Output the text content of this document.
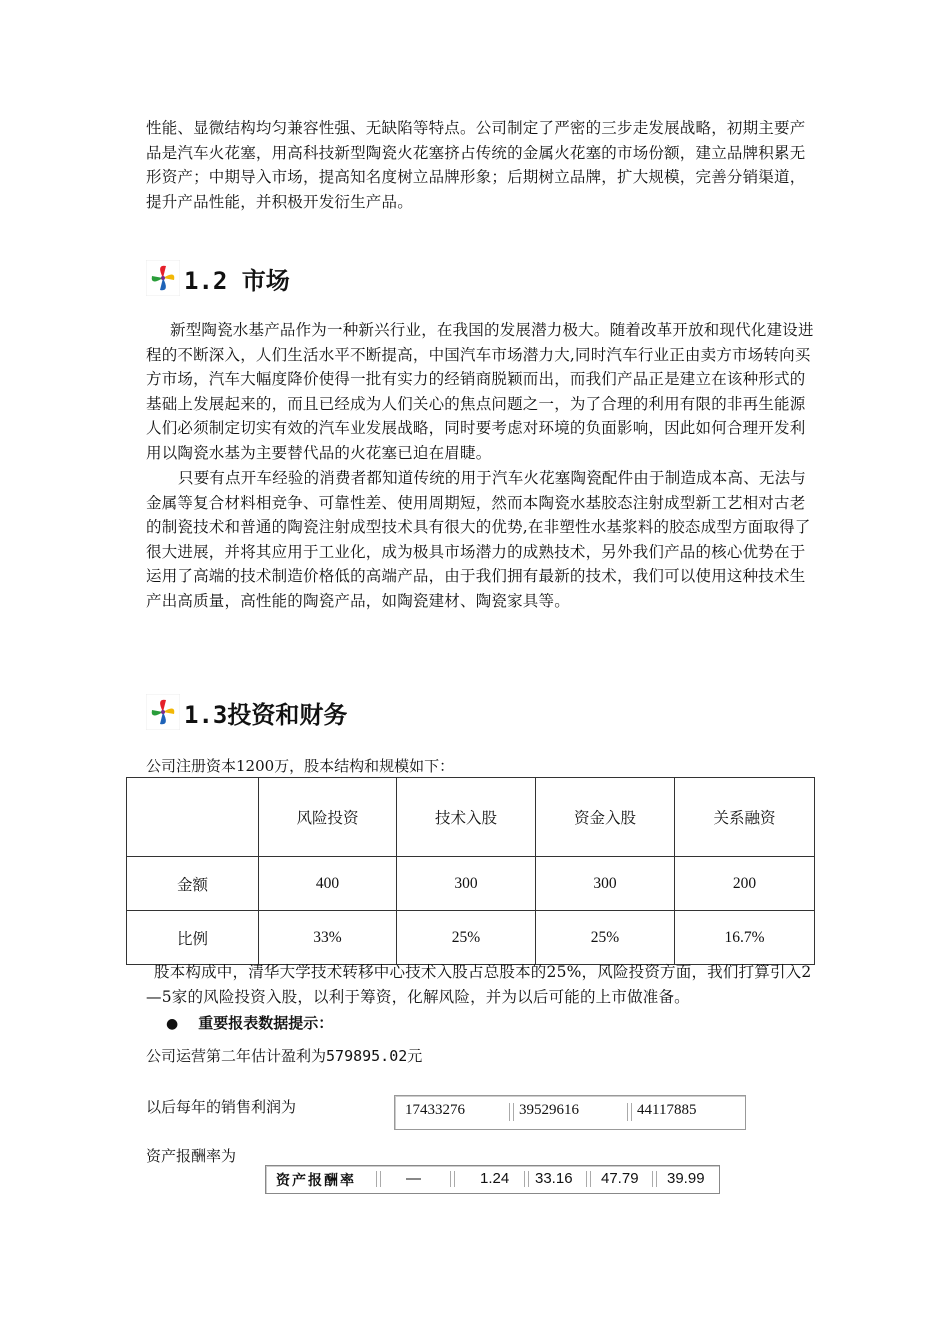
性能、显微结构均匀兼容性强、无缺陷等特点。公司制定了严密的三步走发展战略，初期主要产品是汽车火花塞，用高科技新型陶瓷火花塞挤占传统的金属火花塞的市场份额，建立品牌积累无形资产；中期导入市场，提高知名度树立品牌形象；后期树立品牌，扩大规模，完善分销渠道，提升产品性能，并积极开发衍生产品。

1.2 市场

新型陶瓷水基产品作为一种新兴行业，在我国的发展潜力极大。随着改革开放和现代化建设进程的不断深入，人们生活水平不断提高，中国汽车市场潜力大,同时汽车行业正由卖方市场转向买方市场，汽车大幅度降价使得一批有实力的经销商脱颖而出，而我们产品正是建立在该种形式的基础上发展起来的，而且已经成为人们关心的焦点问题之一，为了合理的利用有限的非再生能源人们必须制定切实有效的汽车业发展战略，同时要考虑对环境的负面影响，因此如何合理开发利用以陶瓷水基为主要替代品的火花塞已迫在眉睫。

只要有点开车经验的消费者都知道传统的用于汽车火花塞陶瓷配件由于制造成本高、无法与金属等复合材料相竞争、可靠性差、使用周期短，然而本陶瓷水基胶态注射成型新工艺相对古老的制瓷技术和普通的陶瓷注射成型技术具有很大的优势,在非塑性水基浆料的胶态成型方面取得了很大进展，并将其应用于工业化，成为极具市场潜力的成熟技术，另外我们产品的核心优势在于运用了高端的技术制造价格低的高端产品，由于我们拥有最新的技术，我们可以使用这种技术生产出高质量，高性能的陶瓷产品，如陶瓷建材、陶瓷家具等。

1.3投资和财务

公司注册资本1200万，股本结构和规模如下：

	风险投资	技术入股	资金入股	关系融资
金额	400	300	300	200
比例	33%	25%	25%	16.7%

股本构成中，清华大学技术转移中心技术入股占总股本的25%，风险投资方面，我们打算引入2—5家的风险投资入股，以利于筹资，化解风险，并为以后可能的上市做准备。

● 重要报表数据提示：

公司运营第二年估计盈利为579895.02元

以后每年的销售利润为	17433276	39529616	44117885

资产报酬率为

资产报酬率	—	1.24 33.16 47.79 39.99
